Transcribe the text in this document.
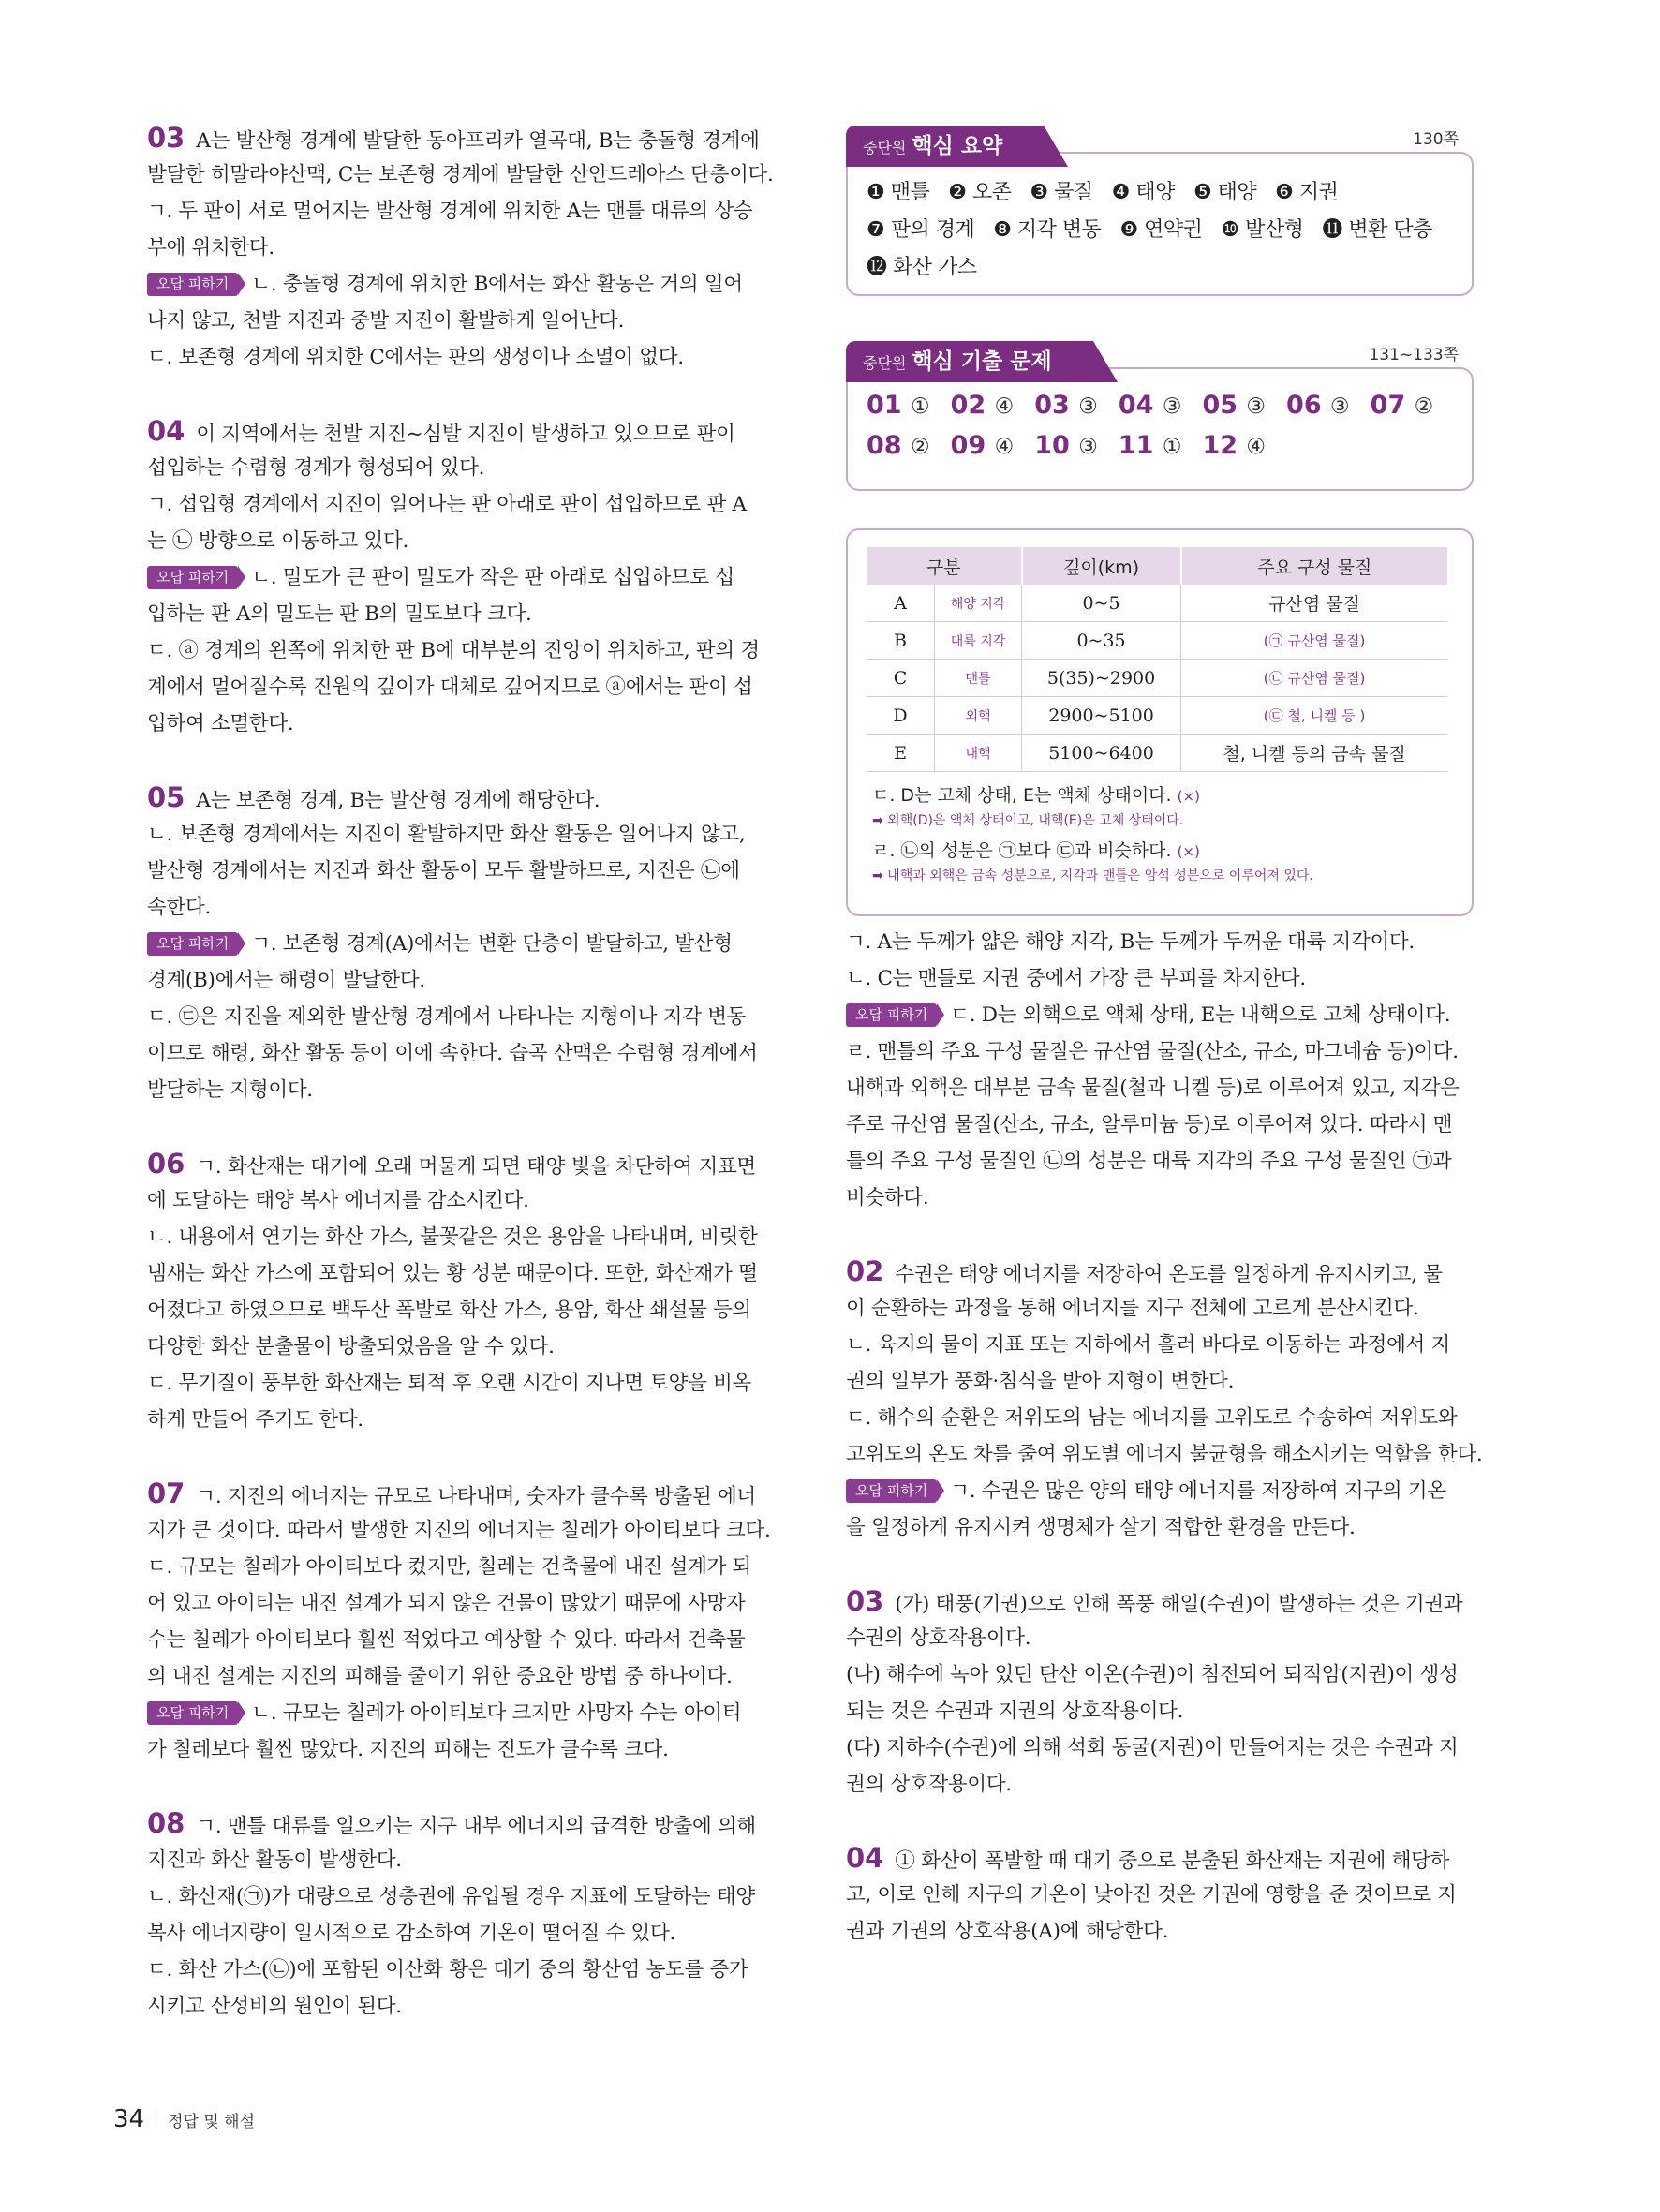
03 A는 발산형 경계에 발달한 동아프리카 열곡대, B는 충돌형 경계에
발달한 히말라야산맥, C는 보존형 경계에 발달한 산안드레아스 단층이다.
ㄱ. 두 판이 서로 멀어지는 발산형 경계에 위치한 A는 맨틀 대류의 상승
부에 위치한다.
오답 피하기 ㄴ. 충돌형 경계에 위치한 B에서는 화산 활동은 거의 일어
나지 않고, 천발 지진과 중발 지진이 활발하게 일어난다.
ㄷ. 보존형 경계에 위치한 C에서는 판의 생성이나 소멸이 없다.
04 이 지역에서는 천발 지진~심발 지진이 발생하고 있으므로 판이
섭입하는 수렴형 경계가 형성되어 있다.
ㄱ. 섭입형 경계에서 지진이 일어나는 판 아래로 판이 섭입하므로 판 A
는 ㉡ 방향으로 이동하고 있다.
오답 피하기 ㄴ. 밀도가 큰 판이 밀도가 작은 판 아래로 섭입하므로 섭
입하는 판 A의 밀도는 판 B의 밀도보다 크다.
ㄷ. ⓐ 경계의 왼쪽에 위치한 판 B에 대부분의 진앙이 위치하고, 판의 경
계에서 멀어질수록 진원의 깊이가 대체로 깊어지므로 ⓐ에서는 판이 섭
입하여 소멸한다.
05 A는 보존형 경계, B는 발산형 경계에 해당한다.
ㄴ. 보존형 경계에서는 지진이 활발하지만 화산 활동은 일어나지 않고,
발산형 경계에서는 지진과 화산 활동이 모두 활발하므로, 지진은 ㉡에
속한다.
오답 피하기 ㄱ. 보존형 경계(A)에서는 변환 단층이 발달하고, 발산형
경계(B)에서는 해령이 발달한다.
ㄷ. ㉢은 지진을 제외한 발산형 경계에서 나타나는 지형이나 지각 변동
이므로 해령, 화산 활동 등이 이에 속한다. 습곡 산맥은 수렴형 경계에서
발달하는 지형이다.
06 ㄱ. 화산재는 대기에 오래 머물게 되면 태양 빛을 차단하여 지표면
에 도달하는 태양 복사 에너지를 감소시킨다.
ㄴ. 내용에서 연기는 화산 가스, 불꽃같은 것은 용암을 나타내며, 비릿한
냄새는 화산 가스에 포함되어 있는 황 성분 때문이다. 또한, 화산재가 떨
어졌다고 하였으므로 백두산 폭발로 화산 가스, 용암, 화산 쇄설물 등의
다양한 화산 분출물이 방출되었음을 알 수 있다.
ㄷ. 무기질이 풍부한 화산재는 퇴적 후 오랜 시간이 지나면 토양을 비옥
하게 만들어 주기도 한다.
07 ㄱ. 지진의 에너지는 규모로 나타내며, 숫자가 클수록 방출된 에너
지가 큰 것이다. 따라서 발생한 지진의 에너지는 칠레가 아이티보다 크다.
ㄷ. 규모는 칠레가 아이티보다 컸지만, 칠레는 건축물에 내진 설계가 되
어 있고 아이티는 내진 설계가 되지 않은 건물이 많았기 때문에 사망자
수는 칠레가 아이티보다 훨씬 적었다고 예상할 수 있다. 따라서 건축물
의 내진 설계는 지진의 피해를 줄이기 위한 중요한 방법 중 하나이다.
오답 피하기 ㄴ. 규모는 칠레가 아이티보다 크지만 사망자 수는 아이티
가 칠레보다 훨씬 많았다. 지진의 피해는 진도가 클수록 크다.
08 ㄱ. 맨틀 대류를 일으키는 지구 내부 에너지의 급격한 방출에 의해
지진과 화산 활동이 발생한다.
ㄴ. 화산재(㉠)가 대량으로 성층권에 유입될 경우 지표에 도달하는 태양
복사 에너지량이 일시적으로 감소하여 기온이 떨어질 수 있다.
ㄷ. 화산 가스(㉡)에 포함된 이산화 황은 대기 중의 황산염 농도를 증가
시키고 산성비의 원인이 된다.
중단원 핵심 요약	130쪽
❶ 맨틀 ❷ 오존 ❸ 물질 ❹ 태양 ❺ 태양 ❻ 지권
❼ 판의 경계 ❽ 지각 변동 ❾ 연약권 ❿ 발산형 ⓫ 변환 단층
⓬ 화산 가스
중단원 핵심 기출 문제	131~133쪽
01 ① 02 ④ 03 ③ 04 ③ 05 ③ 06 ③ 07 ②
08 ② 09 ④ 10 ③ 11 ① 12 ④
구분		깊이(km)	주요 구성 물질
A	해양 지각	0~5	규산염 물질
B	대륙 지각	0~35	(㉠ 규산염 물질)
C	맨틀	5(35)~2900	(㉡ 규산염 물질)
D	외핵	2900~5100	(㉢ 철, 니켈 등 )
E	내핵	5100~6400	철, 니켈 등의 금속 물질
ㄷ. D는 고체 상태, E는 액체 상태이다. (×)
➡ 외핵(D)은 액체 상태이고, 내핵(E)은 고체 상태이다.
ㄹ. ㉡의 성분은 ㉠보다 ㉢과 비슷하다. (×)
➡ 내핵과 외핵은 금속 성분으로, 지각과 맨틀은 암석 성분으로 이루어져 있다.
ㄱ. A는 두께가 얇은 해양 지각, B는 두께가 두꺼운 대륙 지각이다.
ㄴ. C는 맨틀로 지권 중에서 가장 큰 부피를 차지한다.
오답 피하기 ㄷ. D는 외핵으로 액체 상태, E는 내핵으로 고체 상태이다.
ㄹ. 맨틀의 주요 구성 물질은 규산염 물질(산소, 규소, 마그네슘 등)이다.
내핵과 외핵은 대부분 금속 물질(철과 니켈 등)로 이루어져 있고, 지각은
주로 규산염 물질(산소, 규소, 알루미늄 등)로 이루어져 있다. 따라서 맨
틀의 주요 구성 물질인 ㉡의 성분은 대륙 지각의 주요 구성 물질인 ㉠과
비슷하다.
02 수권은 태양 에너지를 저장하여 온도를 일정하게 유지시키고, 물
이 순환하는 과정을 통해 에너지를 지구 전체에 고르게 분산시킨다.
ㄴ. 육지의 물이 지표 또는 지하에서 흘러 바다로 이동하는 과정에서 지
권의 일부가 풍화·침식을 받아 지형이 변한다.
ㄷ. 해수의 순환은 저위도의 남는 에너지를 고위도로 수송하여 저위도와
고위도의 온도 차를 줄여 위도별 에너지 불균형을 해소시키는 역할을 한다.
오답 피하기 ㄱ. 수권은 많은 양의 태양 에너지를 저장하여 지구의 기온
을 일정하게 유지시켜 생명체가 살기 적합한 환경을 만든다.
03 (가) 태풍(기권)으로 인해 폭풍 해일(수권)이 발생하는 것은 기권과
수권의 상호작용이다.
(나) 해수에 녹아 있던 탄산 이온(수권)이 침전되어 퇴적암(지권)이 생성
되는 것은 수권과 지권의 상호작용이다.
(다) 지하수(수권)에 의해 석회 동굴(지권)이 만들어지는 것은 수권과 지
권의 상호작용이다.
04 ① 화산이 폭발할 때 대기 중으로 분출된 화산재는 지권에 해당하
고, 이로 인해 지구의 기온이 낮아진 것은 기권에 영향을 준 것이므로 지
권과 기권의 상호작용(A)에 해당한다.
34 정답 및 해설
